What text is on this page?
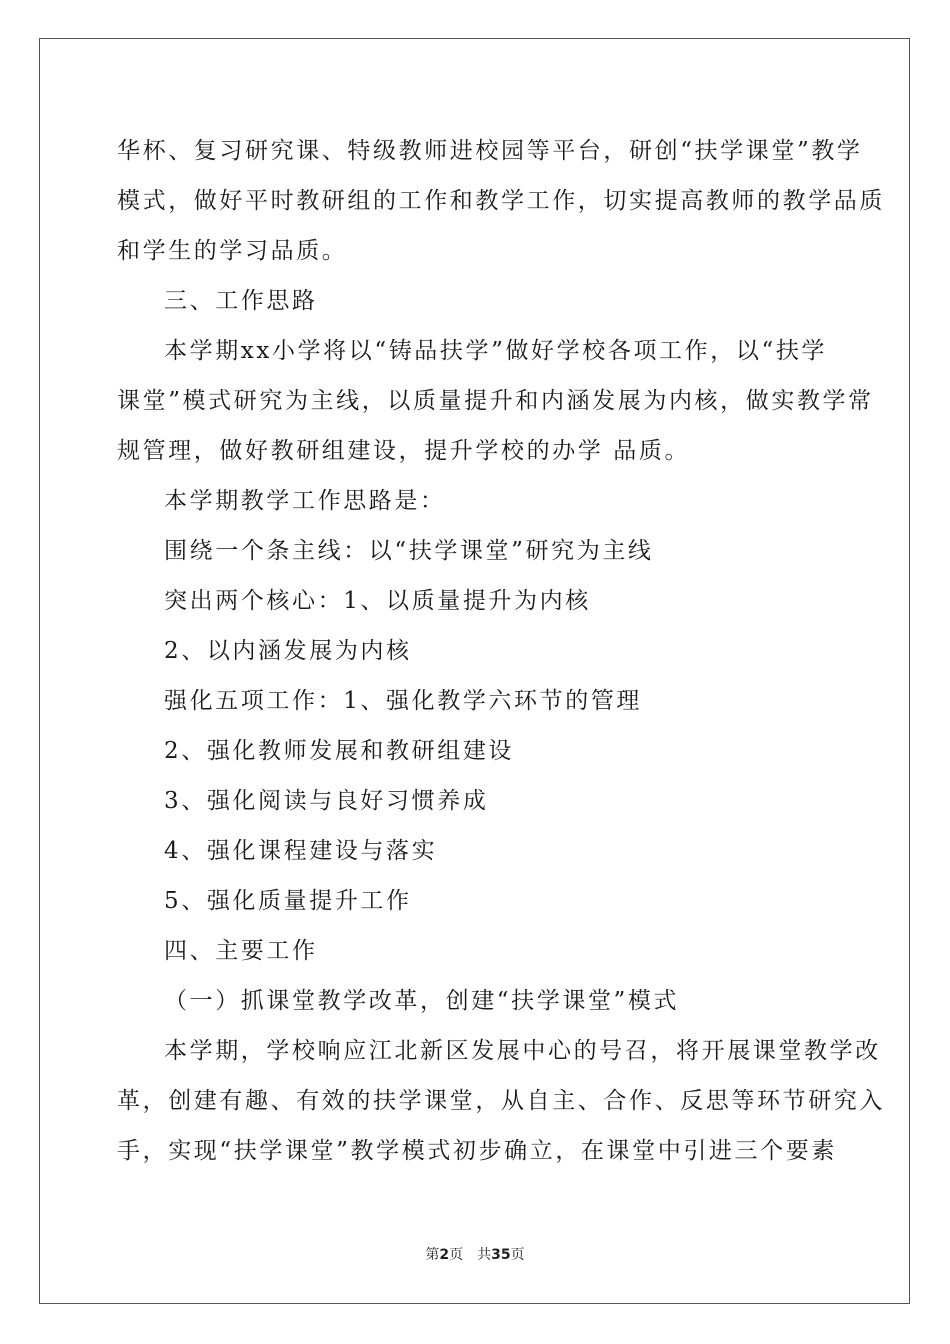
华杯、复习研究课、特级教师进校园等平台，研创“扶学课堂”教学
模式，做好平时教研组的工作和教学工作，切实提高教师的教学品质
和学生的学习品质。
三、工作思路
本学期xx小学将以“铸品扶学”做好学校各项工作，以“扶学
课堂”模式研究为主线，以质量提升和内涵发展为内核，做实教学常
规管理，做好教研组建设，提升学校的办学 品质。
本学期教学工作思路是：
围绕一个条主线：以“扶学课堂”研究为主线
突出两个核心：1、以质量提升为内核
2、以内涵发展为内核
强化五项工作：1、强化教学六环节的管理
2、强化教师发展和教研组建设
3、强化阅读与良好习惯养成
4、强化课程建设与落实
5、强化质量提升工作
四、主要工作
（一）抓课堂教学改革，创建“扶学课堂”模式
本学期，学校响应江北新区发展中心的号召，将开展课堂教学改
革，创建有趣、有效的扶学课堂，从自主、合作、反思等环节研究入
手，实现“扶学课堂”教学模式初步确立，在课堂中引进三个要素
第2页 共35页
